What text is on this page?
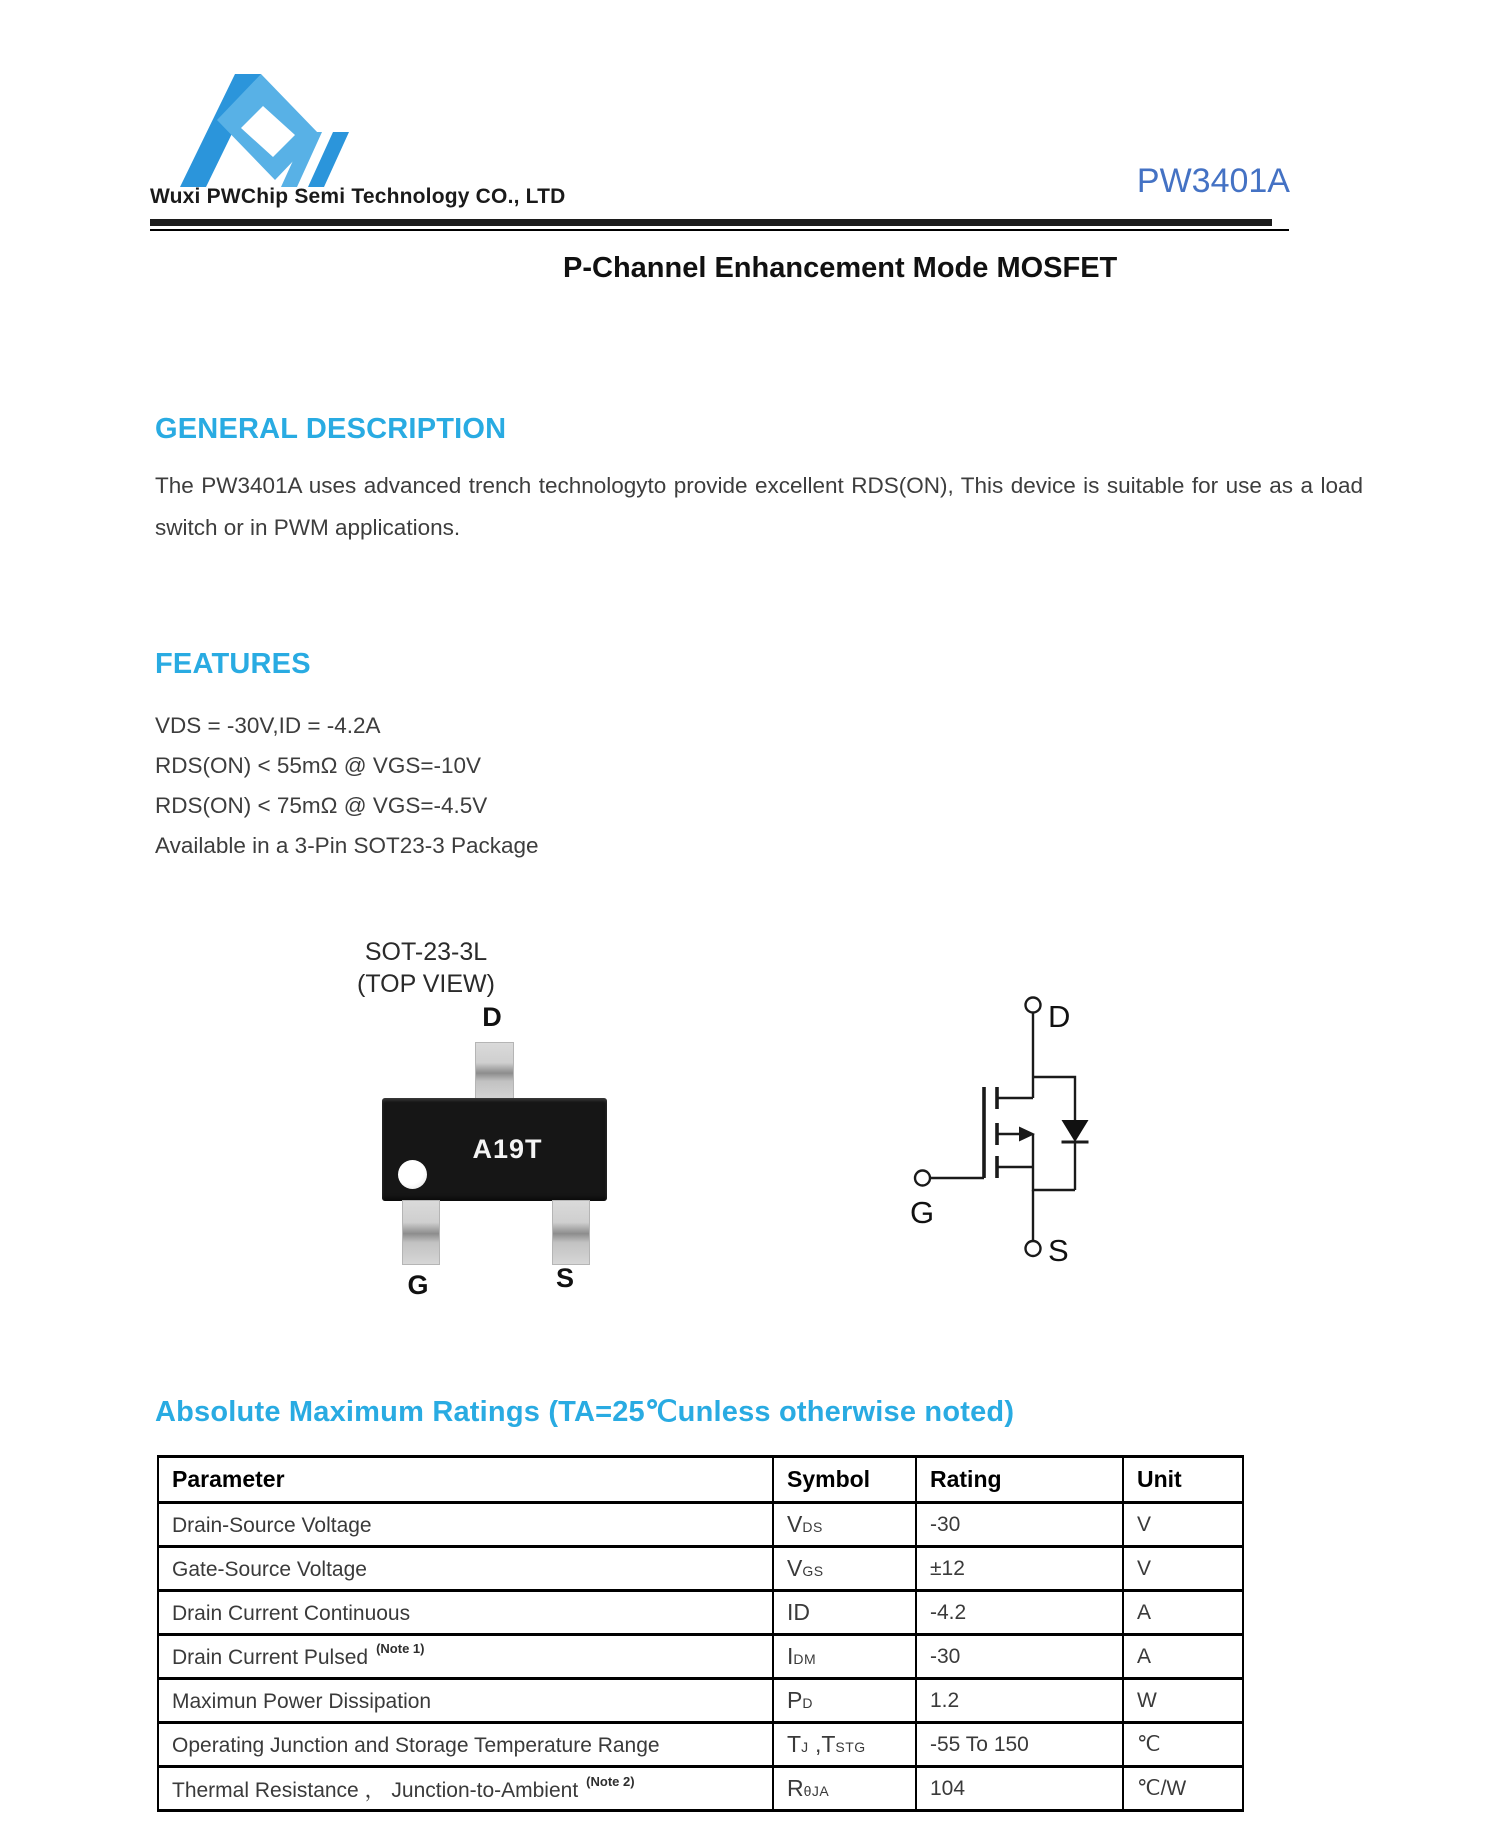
Wuxi PWChip Semi Technology CO., LTD	PW3401A
P-Channel Enhancement Mode MOSFET
GENERAL DESCRIPTION
The PW3401A uses advanced trench technologyto provide excellent RDS(ON), This device is suitable for use as a load switch or in PWM applications.
FEATURES
VDS = -30V,ID = -4.2A
RDS(ON) < 55mΩ @ VGS=-10V
RDS(ON) < 75mΩ @ VGS=-4.5V
Available in a 3-Pin SOT23-3 Package
SOT-23-3L
(TOP VIEW)
D
A19T
G	S
D
G
S
Absolute Maximum Ratings (TA=25℃unless otherwise noted)
Parameter	Symbol	Rating	Unit
Drain-Source Voltage	VDS	-30	V
Gate-Source Voltage	VGS	±12	V
Drain Current Continuous	ID	-4.2	A
Drain Current Pulsed $^{(Note 1)}$	IDM	-30	A
Maximun Power Dissipation	PD	1.2	W
Operating Junction and Storage Temperature Range	TJ ,TSTG	-55 To 150	℃
Thermal Resistance ， Junction-to-Ambient $^{(Note 2)}$	RθJA	104	℃/W
